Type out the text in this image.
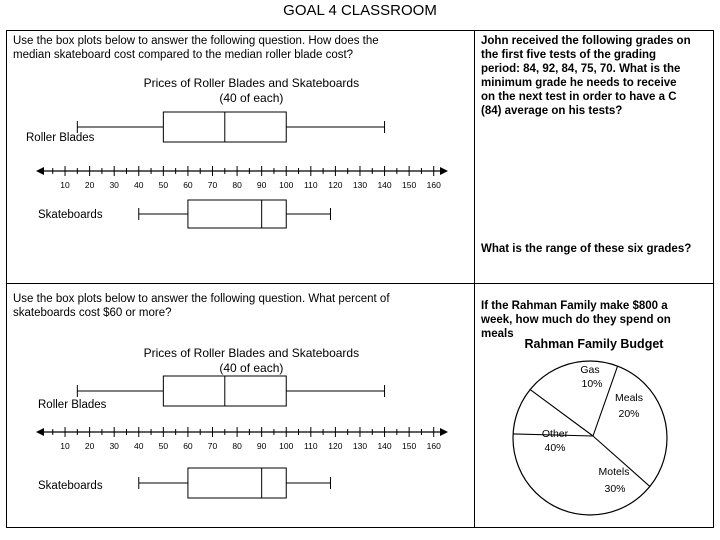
GOAL 4 CLASSROOM
Use the box plots below to answer the following question. How does the
median skateboard cost compared to the median roller blade cost?
John received the following grades on
the first five tests of the grading
period: 84, 92, 84, 75, 70. What is the
minimum grade he needs to receive
on the next test in order to have a C
(84) average on his tests?
What is the range of these six grades?
Use the box plots below to answer the following question. What percent of
skateboards cost $60 or more?
If the Rahman Family make $800 a
week, how much do they spend on
meals
Prices of Roller Blades and Skateboards
(40 of each)
10 20 30 40 50 60 70 80 90 100 110 120 130 140 150 160
Roller Blades
Skateboards
Prices of Roller Blades and Skateboards
(40 of each)
10 20 30 40 50 60 70 80 90 100 110 120 130 140 150 160
Roller Blades
Skateboards
Rahman Family Budget
Gas
10%
Meals
20%
Motels
30%
Other
40%
